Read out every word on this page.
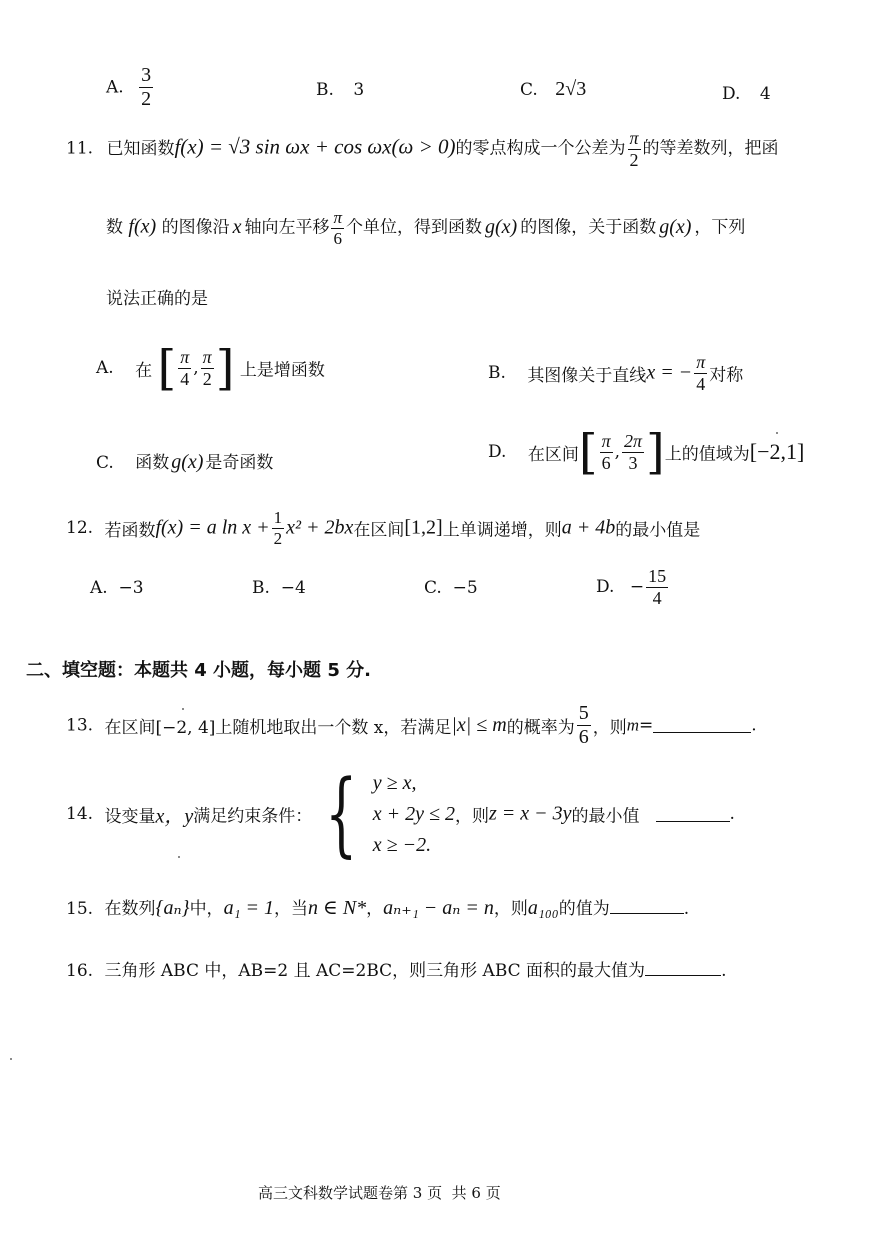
A. $\frac{3}{2}$	B. 3	C. 2√3	D. 4
11. 已知函数f(x) = √3 sin ωx + cos ωx(ω > 0)的零点构成一个公差为 $\frac{\pi}{2}$ 的等差数列，把函
数 f(x) 的图像沿 x 轴向左平移 $\frac{\pi}{6}$ 个单位，得到函数 g(x) 的图像，关于函数 g(x) ，下列
说法正确的是
A. 在 [ $\frac{\pi}{4}$ , $\frac{\pi}{2}$ ] 上是增函数	B. 其图像关于直线x = − $\frac{\pi}{4}$ 对称
C. 函数 g(x) 是奇函数
D. 在区间[ $\frac{\pi}{6}$ , $\frac{2\pi}{3}$ ]上的值域为[−2,1]
12. 若函数f(x) = a $\ln x + \frac{1}{2} x^2 + 2bx$在区间[1,2]上单调递增，则a + 4b的最小值是
A.  −3	B.  −4	C.  −5	D. − $\frac{15}{4}$
二、填空题：本题共 4 小题，每小题 5 分.
13. 在区间[−2, 4]上随机地取出一个数 x，若满足|x| ≤ m的概率为 $\frac{5}{6}$ ，则m=	.
14. 设变量x，y满足约束条件： { y ≥ x,
x + 2y ≤ 2
x ≥ −2.
，则z = x − 3y的最小值	.
15. 在数列{aₙ}中，a₁ = 1，当n ∈ N*，aₙ₊₁ − aₙ = n，则a₁₀₀的值为	.
16. 三角形 ABC 中，AB=2 且 AC=2BC，则三角形 ABC 面积的最大值为	.
高三文科数学试题卷第 3 页  共 6 页
